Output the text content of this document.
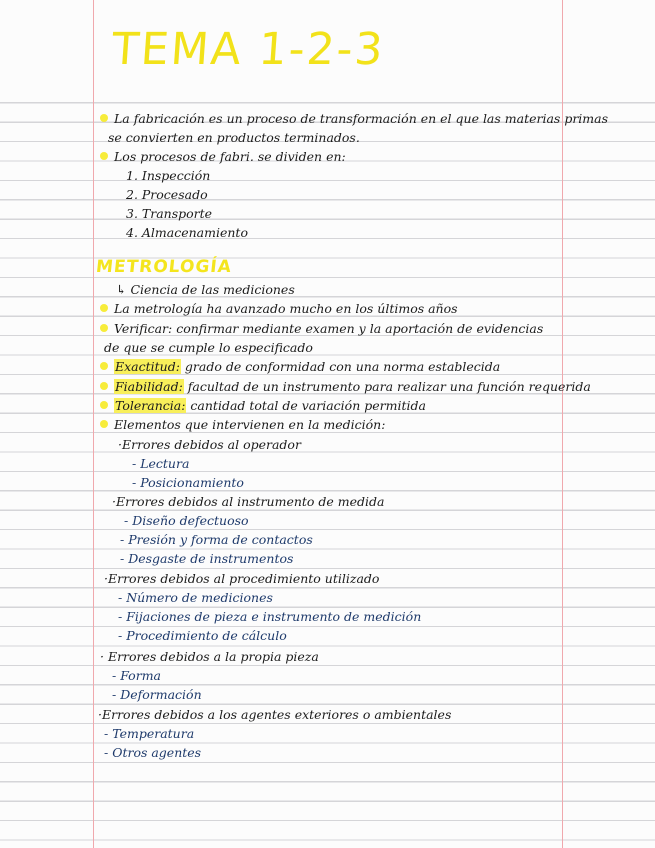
TEMA 1-2-3
La fabricación es un proceso de transformación en el que las materias primas
se convierten en productos terminados.
Los procesos de fabri. se dividen en:
1. Inspección
2. Procesado
3. Transporte
4. Almacenamiento
METROLOGÍA
↳ Ciencia de las mediciones
La metrología ha avanzado mucho en los últimos años
Verificar: confirmar mediante examen y la aportación de evidencias
de que se cumple lo especificado
Exactitud: grado de conformidad con una norma establecida
Fiabilidad: facultad de un instrumento para realizar una función requerida
Tolerancia: cantidad total de variación permitida
Elementos que intervienen en la medición:
·Errores debidos al operador
- Lectura
- Posicionamiento
·Errores debidos al instrumento de medida
- Diseño defectuoso
- Presión y forma de contactos
- Desgaste de instrumentos
·Errores debidos al procedimiento utilizado
- Número de mediciones
- Fijaciones de pieza e instrumento de medición
- Procedimiento de cálculo
· Errores debidos a la propia pieza
- Forma
- Deformación
·Errores debidos a los agentes exteriores o ambientales
- Temperatura
- Otros agentes
